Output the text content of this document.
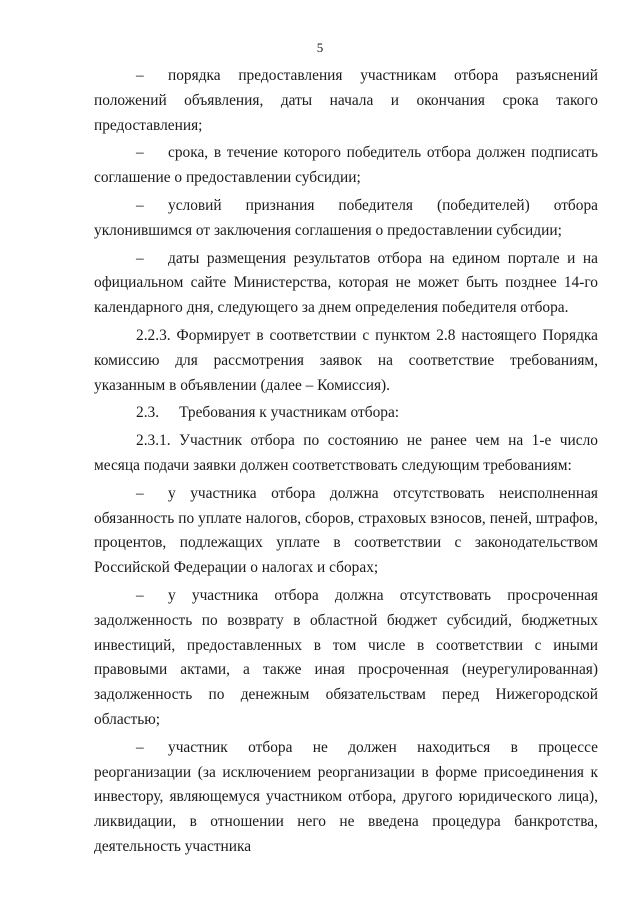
5

– порядка предоставления участникам отбора разъяснений положений объявления, даты начала и окончания срока такого предоставления;

– срока, в течение которого победитель отбора должен подписать соглашение о предоставлении субсидии;

– условий признания победителя (победителей) отбора уклонившимся от заключения соглашения о предоставлении субсидии;

– даты размещения результатов отбора на едином портале и на официальном сайте Министерства, которая не может быть позднее 14-го календарного дня, следующего за днем определения победителя отбора.

2.2.3. Формирует в соответствии с пунктом 2.8 настоящего Порядка комиссию для рассмотрения заявок на соответствие требованиям, указанным в объявлении (далее – Комиссия).

2.3. Требования к участникам отбора:

2.3.1. Участник отбора по состоянию не ранее чем на 1-е число месяца подачи заявки должен соответствовать следующим требованиям:

– у участника отбора должна отсутствовать неисполненная обязанность по уплате налогов, сборов, страховых взносов, пеней, штрафов, процентов, подлежащих уплате в соответствии с законодательством Российской Федерации о налогах и сборах;

– у участника отбора должна отсутствовать просроченная задолженность по возврату в областной бюджет субсидий, бюджетных инвестиций, предоставленных в том числе в соответствии с иными правовыми актами, а также иная просроченная (неурегулированная) задолженность по денежным обязательствам перед Нижегородской областью;

– участник отбора не должен находиться в процессе реорганизации (за исключением реорганизации в форме присоединения к инвестору, являющемуся участником отбора, другого юридического лица), ликвидации, в отношении него не введена процедура банкротства, деятельность участника
